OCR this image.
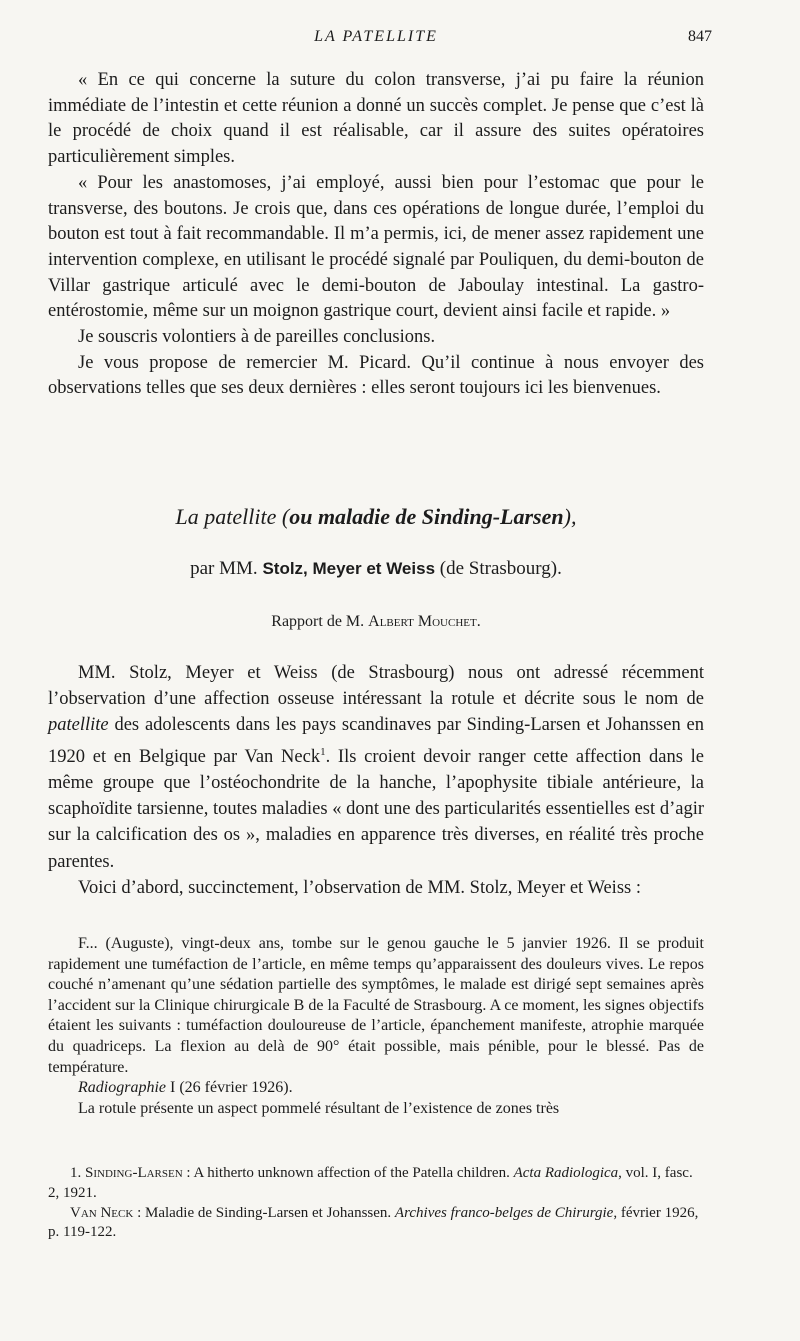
LA PATELLITE	847

« En ce qui concerne la suture du colon transverse, j’ai pu faire la réunion immédiate de l’intestin et cette réunion a donné un succès complet. Je pense que c’est là le procédé de choix quand il est réalisable, car il assure des suites opératoires particulièrement simples.

« Pour les anastomoses, j’ai employé, aussi bien pour l’estomac que pour le transverse, des boutons. Je crois que, dans ces opérations de longue durée, l’emploi du bouton est tout à fait recommandable. Il m’a permis, ici, de mener assez rapidement une intervention complexe, en utilisant le procédé signalé par Pouliquen, du demi-bouton de Villar gastrique articulé avec le demi-bouton de Jaboulay intestinal. La gastro-entérostomie, même sur un moignon gastrique court, devient ainsi facile et rapide. »

Je souscris volontiers à de pareilles conclusions.

Je vous propose de remercier M. Picard. Qu’il continue à nous envoyer des observations telles que ses deux dernières : elles seront toujours ici les bienvenues.

La patellite (ou maladie de Sinding-Larsen),
par MM. Stolz, Meyer et Weiss (de Strasbourg).
Rapport de M. Albert Mouchet.

MM. Stolz, Meyer et Weiss (de Strasbourg) nous ont adressé récemment l’observation d’une affection osseuse intéressant la rotule et décrite sous le nom de patellite des adolescents dans les pays scandinaves par Sinding-Larsen et Johanssen en 1920 et en Belgique par Van Neck$^1$. Ils croient devoir ranger cette affection dans le même groupe que l’ostéochondrite de la hanche, l’apophysite tibiale antérieure, la scaphoïdite tarsienne, toutes maladies « dont une des particularités essentielles est d’agir sur la calcification des os », maladies en apparence très diverses, en réalité très proche parentes.

Voici d’abord, succinctement, l’observation de MM. Stolz, Meyer et Weiss :

F... (Auguste), vingt-deux ans, tombe sur le genou gauche le 5 janvier 1926. Il se produit rapidement une tuméfaction de l’article, en même temps qu’apparaissent des douleurs vives. Le repos couché n’amenant qu’une sédation partielle des symptômes, le malade est dirigé sept semaines après l’accident sur la Clinique chirurgicale B de la Faculté de Strasbourg. A ce moment, les signes objectifs étaient les suivants : tuméfaction douloureuse de l’article, épanchement manifeste, atrophie marquée du quadriceps. La flexion au delà de 90° était possible, mais pénible, pour le blessé. Pas de température.

Radiographie I (26 février 1926).

La rotule présente un aspect pommelé résultant de l’existence de zones très

1. Sinding-Larsen : A hitherto unknown affection of the Patella children. Acta Radiologica, vol. I, fasc. 2, 1921.

Van Neck : Maladie de Sinding-Larsen et Johanssen. Archives franco-belges de Chirurgie, février 1926, p. 119-122.
